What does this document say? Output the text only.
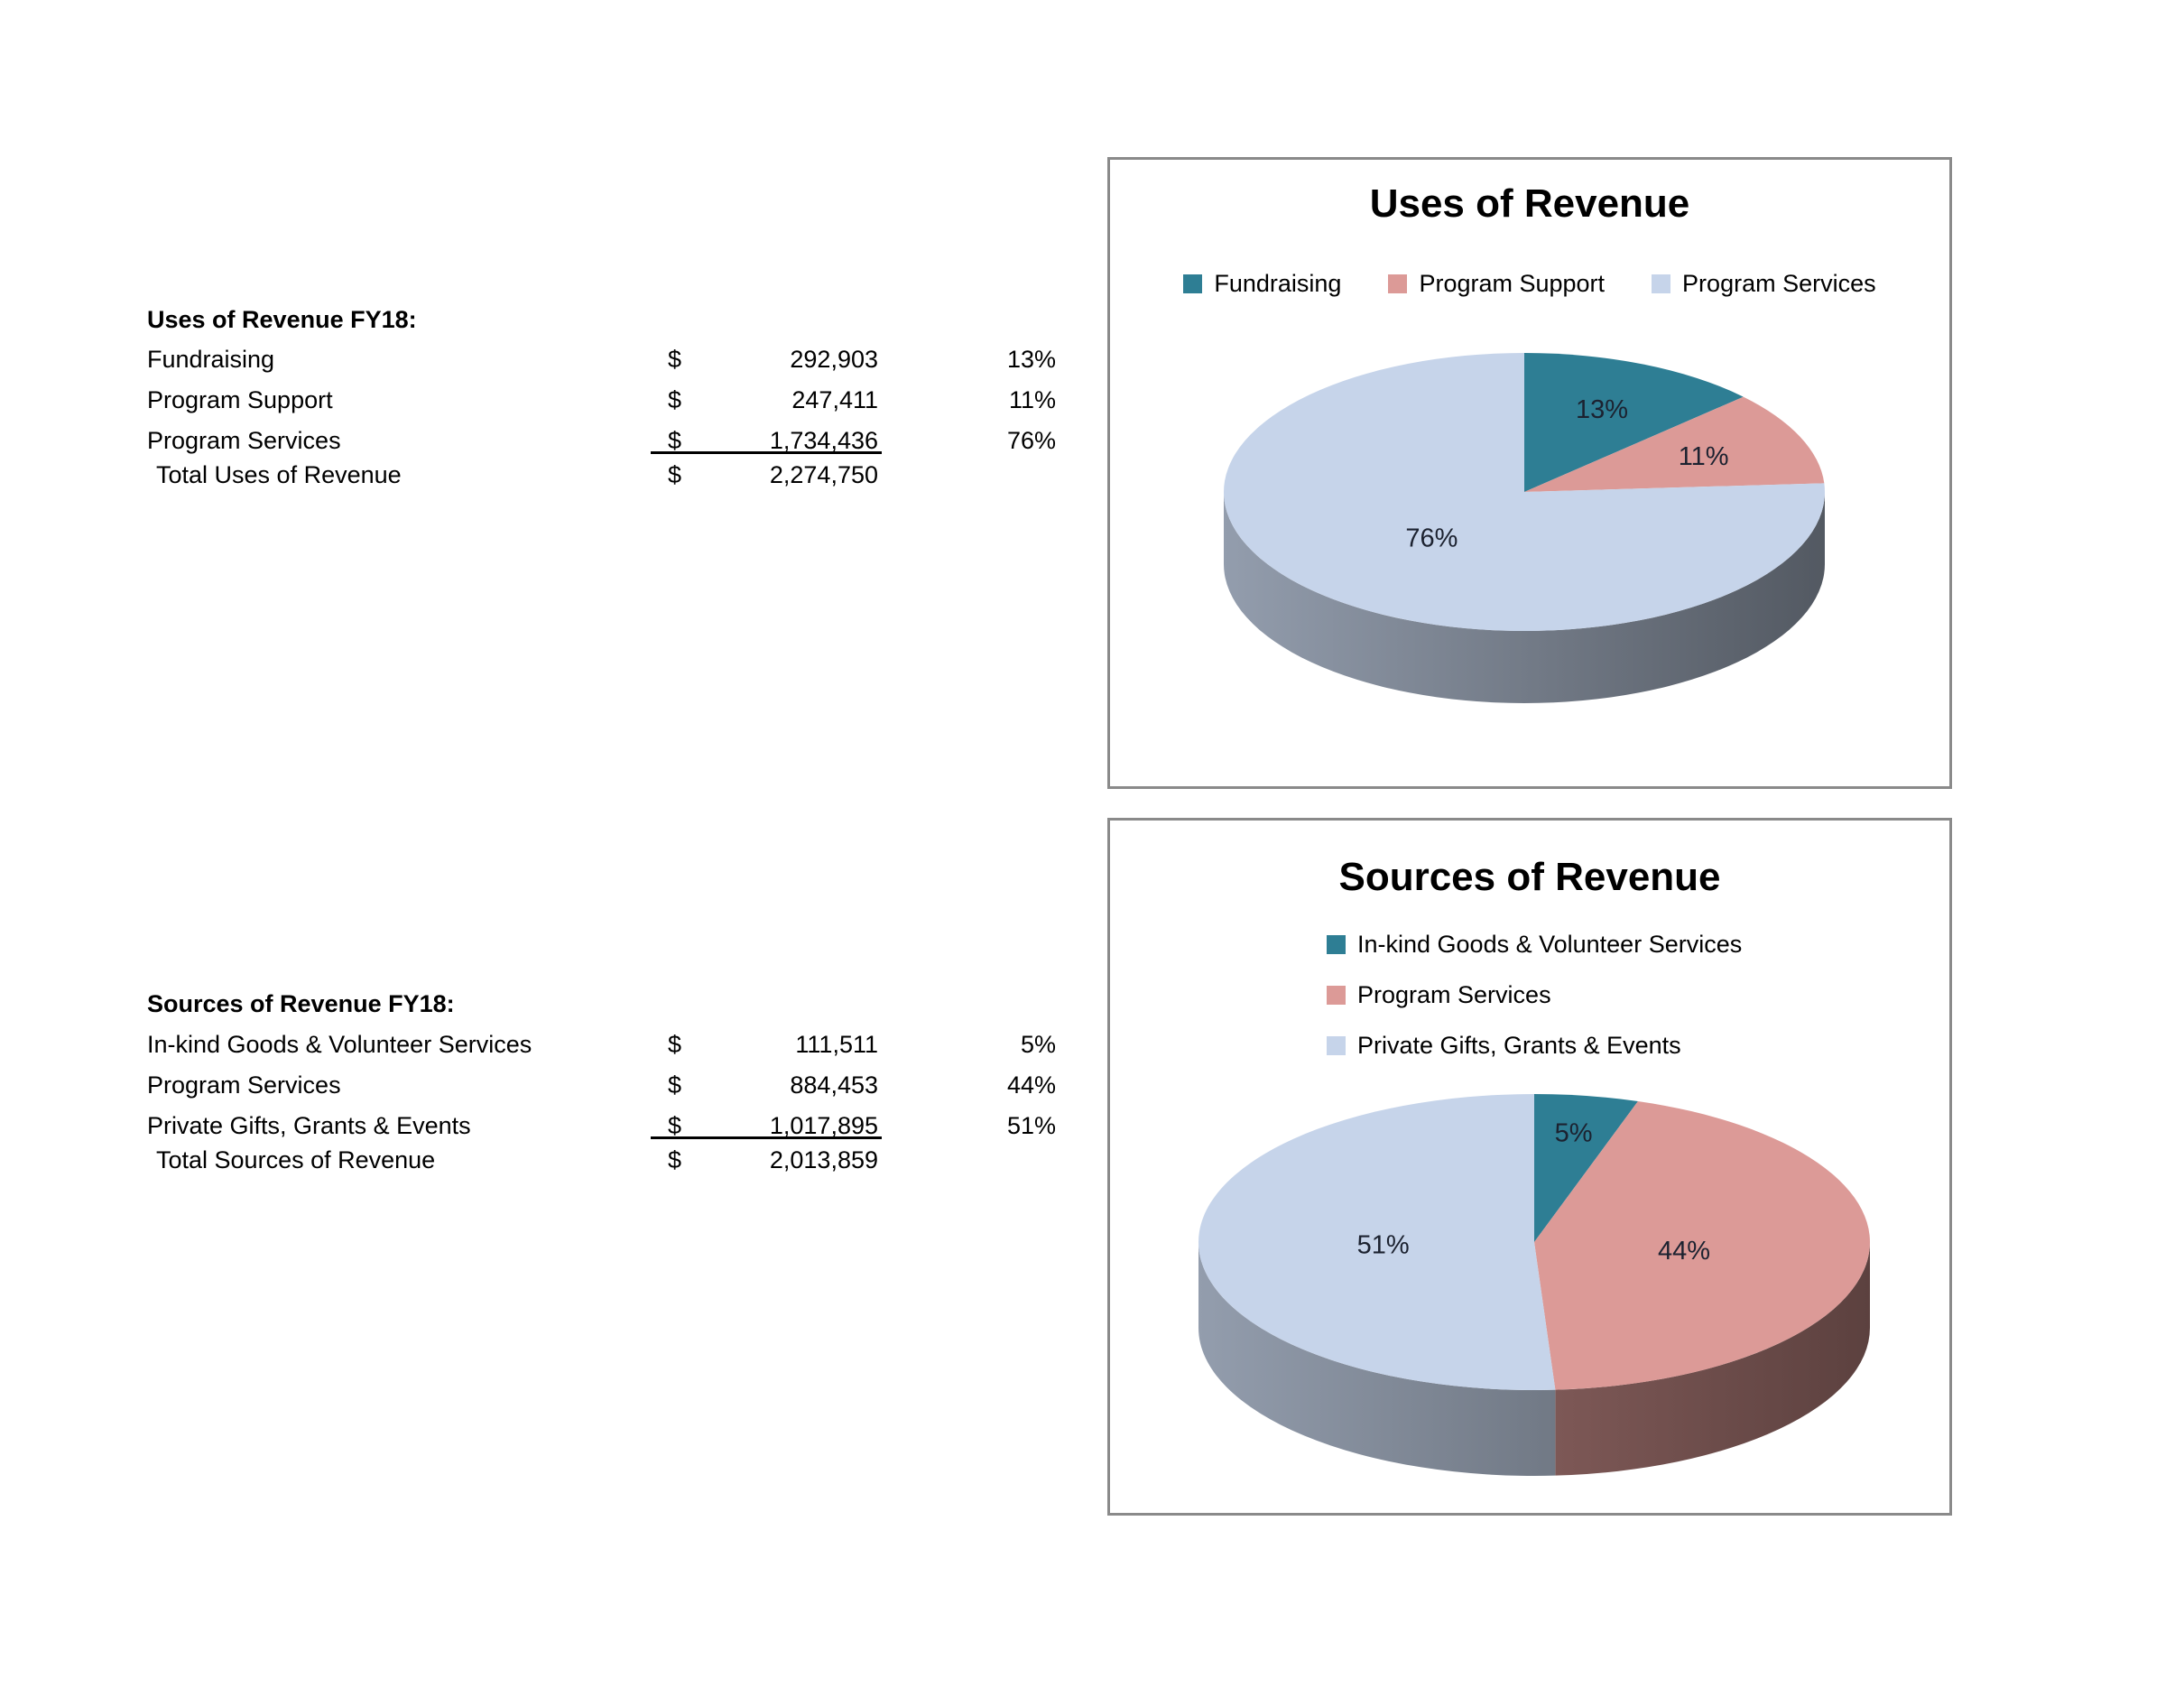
Uses of Revenue FY18:
Fundraising	$	292,903	13%
Program Support	$	247,411	11%
Program Services	$	1,734,436	76%
Total Uses of Revenue	$	2,274,750
Sources of Revenue FY18:
In-kind Goods & Volunteer Services	$	111,511	5%
Program Services	$	884,453	44%
Private Gifts, Grants & Events	$	1,017,895	51%
Total Sources of Revenue	$	2,013,859
Uses of Revenue
Fundraising	Program Support	Program Services
13%
11%
76%
Sources of Revenue
In-kind Goods & Volunteer Services
Program Services
Private Gifts, Grants & Events
5%
44%
51%
